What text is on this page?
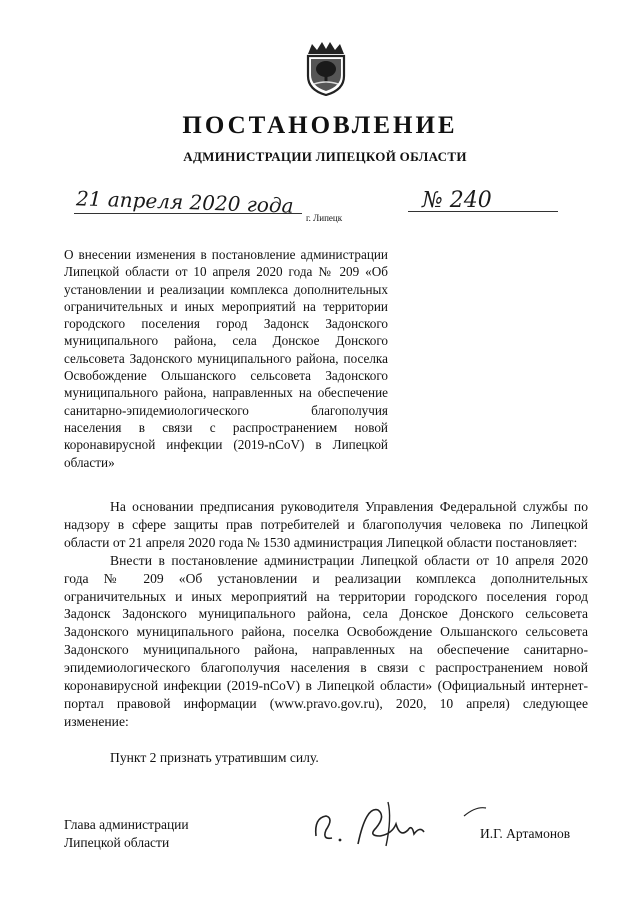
ПОСТАНОВЛЕНИЕ
АДМИНИСТРАЦИИ ЛИПЕЦКОЙ ОБЛАСТИ
21 апреля 2020 года
г. Липецк
№ 240
О внесении изменения в постановление администрации Липецкой области от 10 апреля 2020 года № 209 «Об установлении и реализации комплекса дополнительных ограничительных и иных мероприятий на территории городского поселения город Задонск Задонского муниципального района, села Донское Донского сельсовета Задонского муниципального района, поселка Освобождение Ольшанского сельсовета Задонского муниципального района, направленных на обеспечение санитарно-эпидемиологического благополучия населения в связи с распространением новой коронавирусной инфекции (2019-nCoV) в Липецкой области»

На основании предписания руководителя Управления Федеральной службы по надзору в сфере защиты прав потребителей и благополучия человека по Липецкой области от 21 апреля 2020 года № 1530 администрация Липецкой области постановляет:

Внести в постановление администрации Липецкой области от 10 апреля 2020 года № 209 «Об установлении и реализации комплекса дополнительных ограничительных и иных мероприятий на территории городского поселения город Задонск Задонского муниципального района, села Донское Донского сельсовета Задонского муниципального района, поселка Освобождение Ольшанского сельсовета Задонского муниципального района, направленных на обеспечение санитарно-эпидемиологического благополучия населения в связи с распространением новой коронавирусной инфекции (2019-nCoV) в Липецкой области» (Официальный интернет-портал правовой информации (www.pravo.gov.ru), 2020, 10 апреля) следующее изменение:

Пункт 2 признать утратившим силу.

Глава администрации
Липецкой области
И.Г. Артамонов
